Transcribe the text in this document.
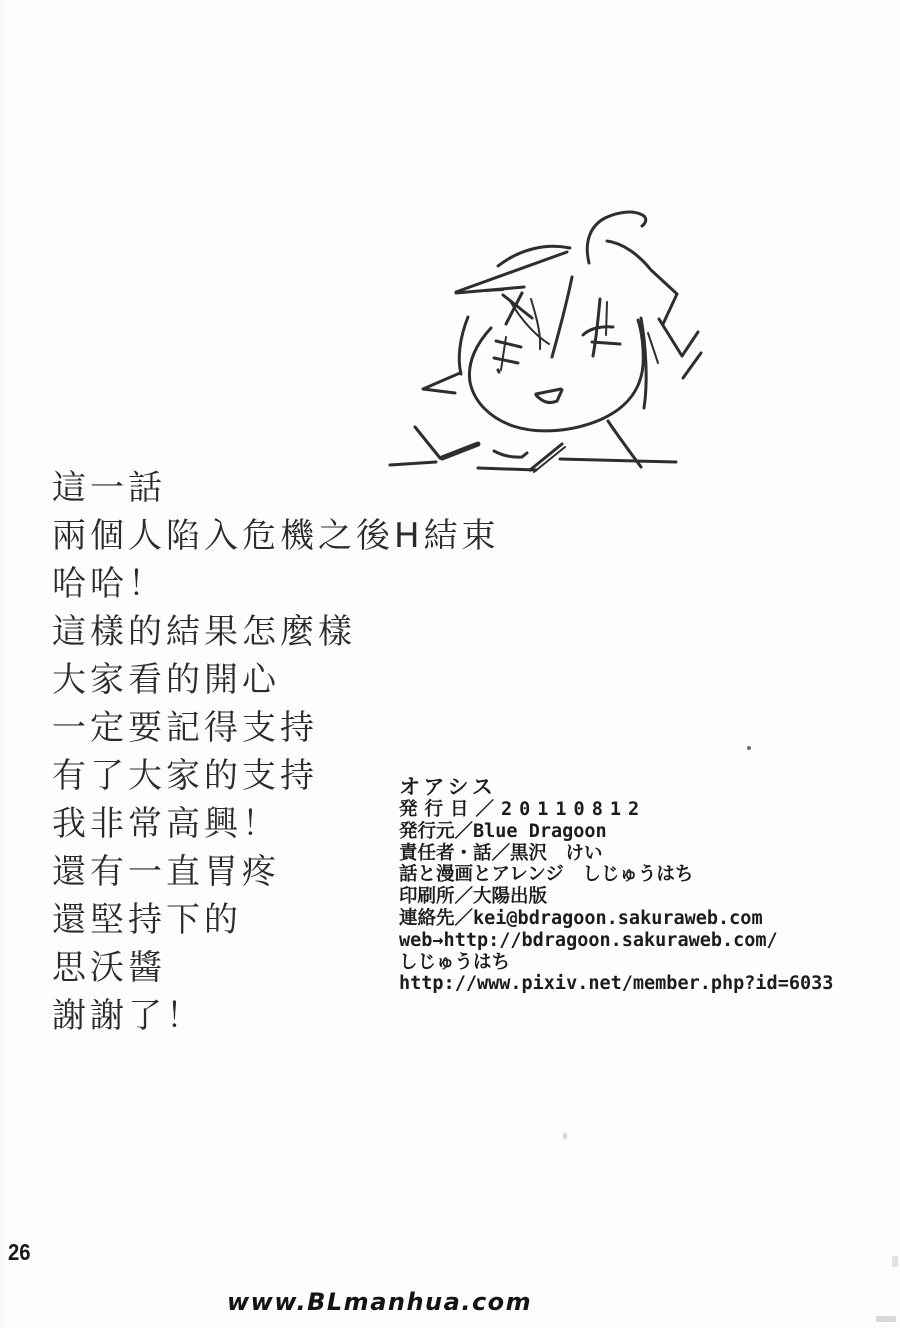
這一話
兩個人陷入危機之後H結束
哈哈！
這樣的結果怎麼樣
大家看的開心
一定要記得支持
有了大家的支持
我非常高興！
還有一直胃疼
還堅持下的
思沃醬
謝謝了！
オアシス
発行日／20110812
発行元／Blue Dragoon
責任者・話／黒沢　けい
話と漫画とアレンジ　しじゅうはち
印刷所／大陽出版
連絡先／kei@bdragoon.sakuraweb.com
web→http://bdragoon.sakuraweb.com/
しじゅうはち
http://www.pixiv.net/member.php?id=6033
26
www.BLmanhua.com
